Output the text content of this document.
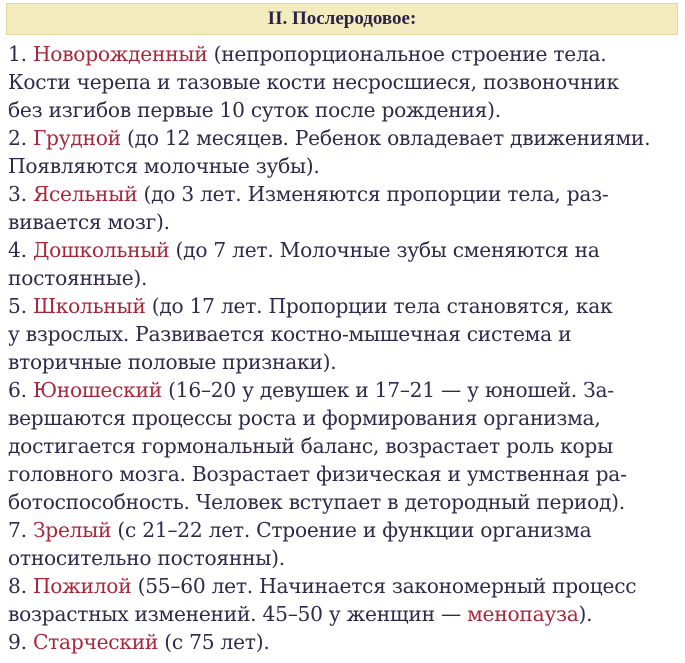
II. Послеродовое:
1. Новорожденный (непропорциональное строение тела.
Кости черепа и тазовые кости несросшиеся, позвоночник
без изгибов первые 10 суток после рождения).
2. Грудной (до 12 месяцев. Ребенок овладевает движениями.
Появляются молочные зубы).
3. Ясельный (до 3 лет. Изменяются пропорции тела, раз-
вивается мозг).
4. Дошкольный (до 7 лет. Молочные зубы сменяются на
постоянные).
5. Школьный (до 17 лет. Пропорции тела становятся, как
у взрослых. Развивается костно-мышечная система и
вторичные половые признаки).
6. Юношеский (16–20 у девушек и 17–21 — у юношей. За-
вершаются процессы роста и формирования организма,
достигается гормональный баланс, возрастает роль коры
головного мозга. Возрастает физическая и умственная ра-
ботоспособность. Человек вступает в детородный период).
7. Зрелый (с 21–22 лет. Строение и функции организма
относительно постоянны).
8. Пожилой (55–60 лет. Начинается закономерный процесс
возрастных изменений. 45–50 у женщин — менопауза).
9. Старческий (с 75 лет).
